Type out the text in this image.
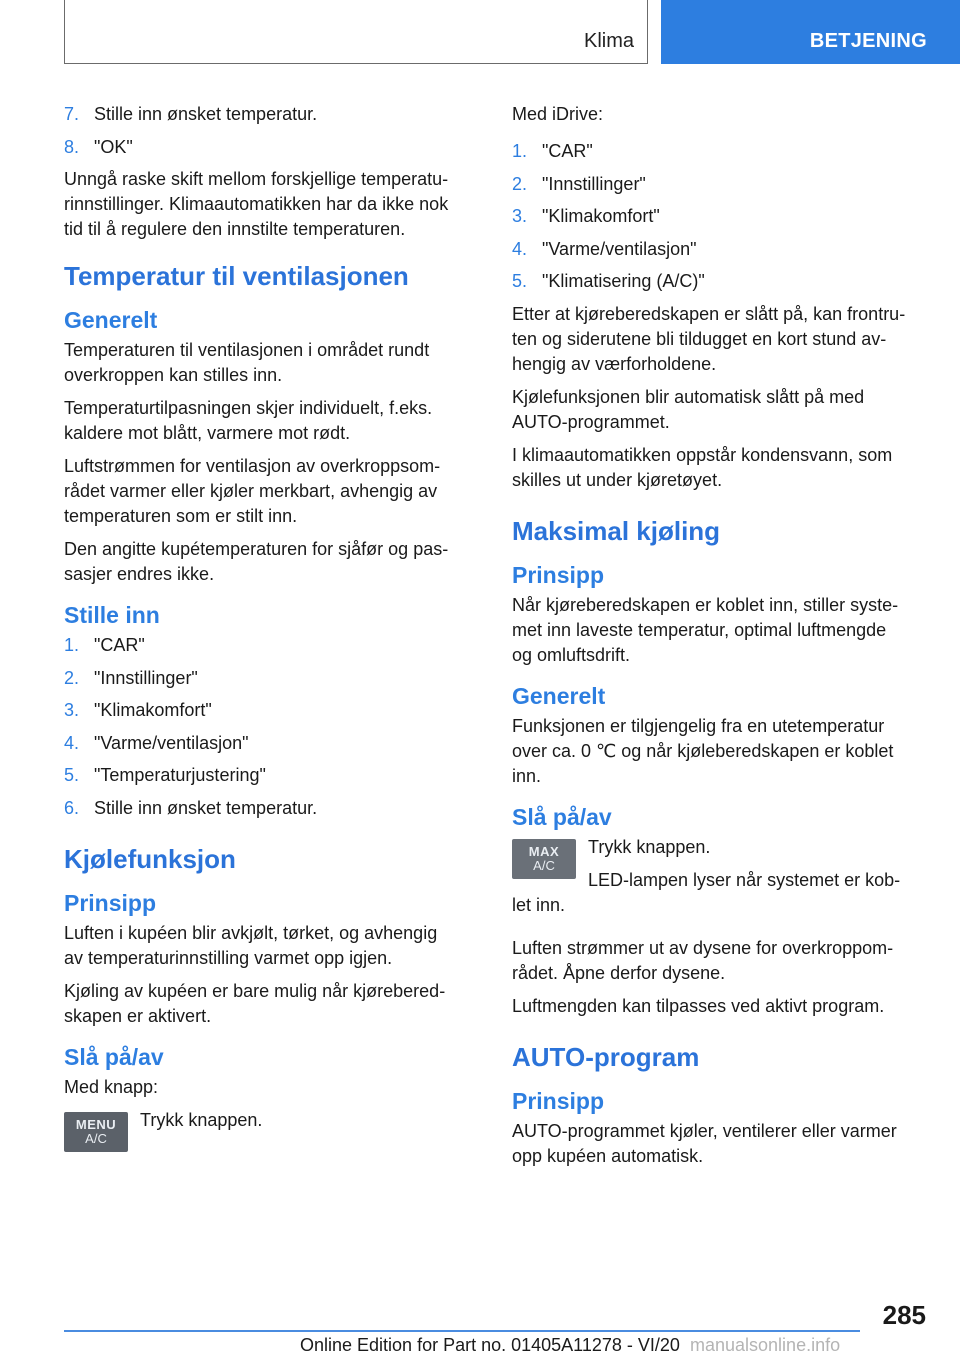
Klima	BETJENING
7. Stille inn ønsket temperatur.
8. "OK"

Unngå raske skift mellom forskjellige temperatu-
rinnstillinger. Klimaautomatikken har da ikke nok
tid til å regulere den innstilte temperaturen.

Temperatur til ventilasjonen
Generelt

Temperaturen til ventilasjonen i området rundt
overkroppen kan stilles inn.

Temperaturtilpasningen skjer individuelt, f.eks.
kaldere mot blått, varmere mot rødt.

Luftstrømmen for ventilasjon av overkroppsom-
rådet varmer eller kjøler merkbart, avhengig av
temperaturen som er stilt inn.

Den angitte kupétemperaturen for sjåfør og pas-
sasjer endres ikke.

Stille inn
1. "CAR"
2. "Innstillinger"
3. "Klimakomfort"
4. "Varme/ventilasjon"
5. "Temperaturjustering"
6. Stille inn ønsket temperatur.
Kjølefunksjon
Prinsipp

Luften i kupéen blir avkjølt, tørket, og avhengig
av temperaturinnstilling varmet opp igjen.

Kjøling av kupéen er bare mulig når kjørebered-
skapen er aktivert.

Slå på/av

Med knapp:

MENU
A/C

Trykk knappen.

Med iDrive:

1. "CAR"
2. "Innstillinger"
3. "Klimakomfort"
4. "Varme/ventilasjon"
5. "Klimatisering (A/C)"

Etter at kjøreberedskapen er slått på, kan frontru-
ten og siderutene bli tildugget en kort stund av-
hengig av værforholdene.

Kjølefunksjonen blir automatisk slått på med
AUTO-programmet.

I klimaautomatikken oppstår kondensvann, som
skilles ut under kjøretøyet.

Maksimal kjøling
Prinsipp

Når kjøreberedskapen er koblet inn, stiller syste-
met inn laveste temperatur, optimal luftmengde
og omluftsdrift.

Generelt

Funksjonen er tilgjengelig fra en utetemperatur
over ca. 0 ℃ og når kjøleberedskapen er koblet
inn.

Slå på/av
MAX
A/C

Trykk knappen.

LED-lampen lyser når systemet er kob-

let inn.

Luften strømmer ut av dysene for overkroppom-
rådet. Åpne derfor dysene.

Luftmengden kan tilpasses ved aktivt program.

AUTO-program
Prinsipp

AUTO-programmet kjøler, ventilerer eller varmer
opp kupéen automatisk.

285
Online Edition for Part no. 01405A11278 - VI/20 manualsonline.info
